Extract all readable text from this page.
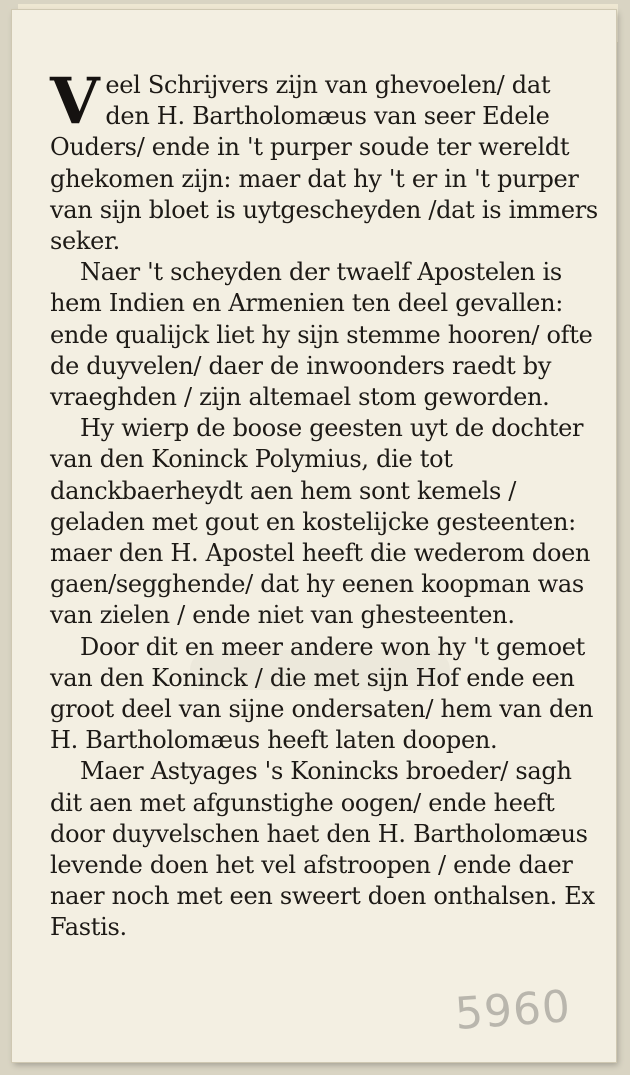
Veel Schrijvers zijn van ghevoelen/ dat den H. Bartholomæus van seer Edele Ouders/ ende in 't purper soude ter wereldt ghekomen zijn: maer dat hy 't er in 't purper van sijn bloet is uytgescheyden /dat is immers seker.

Naer 't scheyden der twaelf Apostelen is hem Indien en Armenien ten deel gevallen: ende qualijck liet hy sijn stemme hooren/ ofte de duyvelen/ daer de inwoonders raedt by vraeghden / zijn altemael stom geworden.

Hy wierp de boose geesten uyt de dochter van den Koninck Polymius, die tot danckbaerheydt aen hem sont kemels / geladen met gout en kostelijcke gesteenten: maer den H. Apostel heeft die wederom doen gaen/segghende/ dat hy eenen koopman was van zielen / ende niet van ghesteenten.

Door dit en meer andere won hy 't gemoet van den Koninck / die met sijn Hof ende een groot deel van sijne ondersaten/ hem van den H. Bartholomæus heeft laten doopen.

Maer Astyages 's Konincks broeder/ sagh dit aen met afgunstighe oogen/ ende heeft door duyvelschen haet den H. Bartholomæus levende doen het vel afstroopen / ende daer naer noch met een sweert doen onthalsen. Ex Fastis.

5960
